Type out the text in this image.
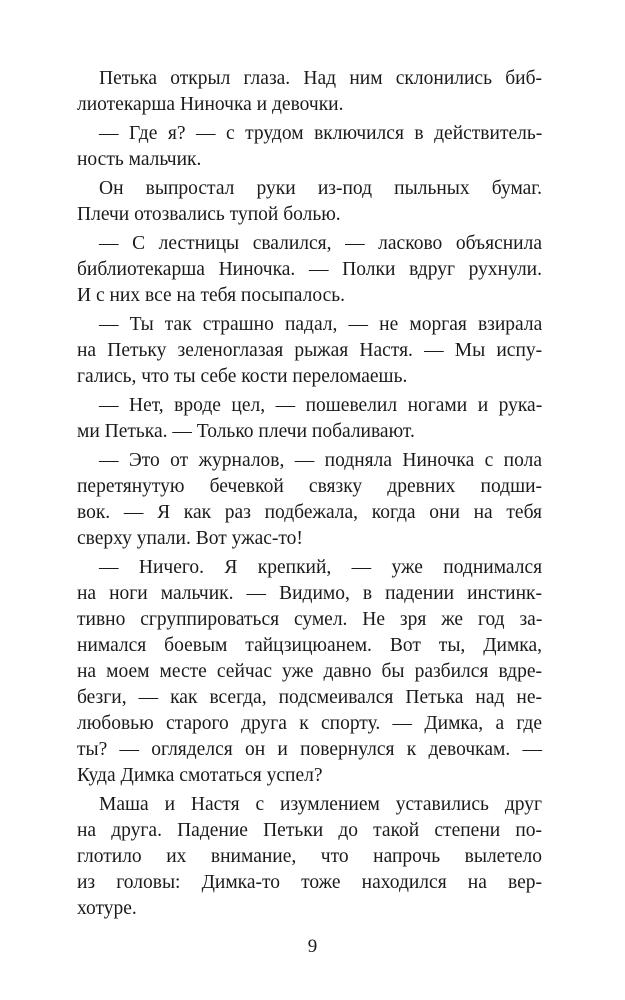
Петька открыл глаза. Над ним склонились биб-
лиотекарша Ниночка и девочки.
— Где я? — с трудом включился в действитель-
ность мальчик.
Он выпростал руки из-под пыльных бумаг.
Плечи отозвались тупой болью.
— С лестницы свалился, — ласково объяснила
библиотекарша Ниночка. — Полки вдруг рухнули.
И с них все на тебя посыпалось.
— Ты так страшно падал, — не моргая взирала
на Петьку зеленоглазая рыжая Настя. — Мы испу-
гались, что ты себе кости переломаешь.
— Нет, вроде цел, — пошевелил ногами и рука-
ми Петька. — Только плечи побаливают.
— Это от журналов, — подняла Ниночка с пола
перетянутую бечевкой связку древних подши-
вок. — Я как раз подбежала, когда они на тебя
сверху упали. Вот ужас-то!
— Ничего. Я крепкий, — уже поднимался
на ноги мальчик. — Видимо, в падении инстинк-
тивно сгруппироваться сумел. Не зря же год за-
нимался боевым тайцзицюанем. Вот ты, Димка,
на моем месте сейчас уже давно бы разбился вдре-
безги, — как всегда, подсмеивался Петька над не-
любовью старого друга к спорту. — Димка, а где
ты? — огляделся он и повернулся к девочкам. —
Куда Димка смотаться успел?
Маша и Настя с изумлением уставились друг
на друга. Падение Петьки до такой степени по-
глотило их внимание, что напрочь вылетело
из головы: Димка-то тоже находился на вер-
хотуре.
9
